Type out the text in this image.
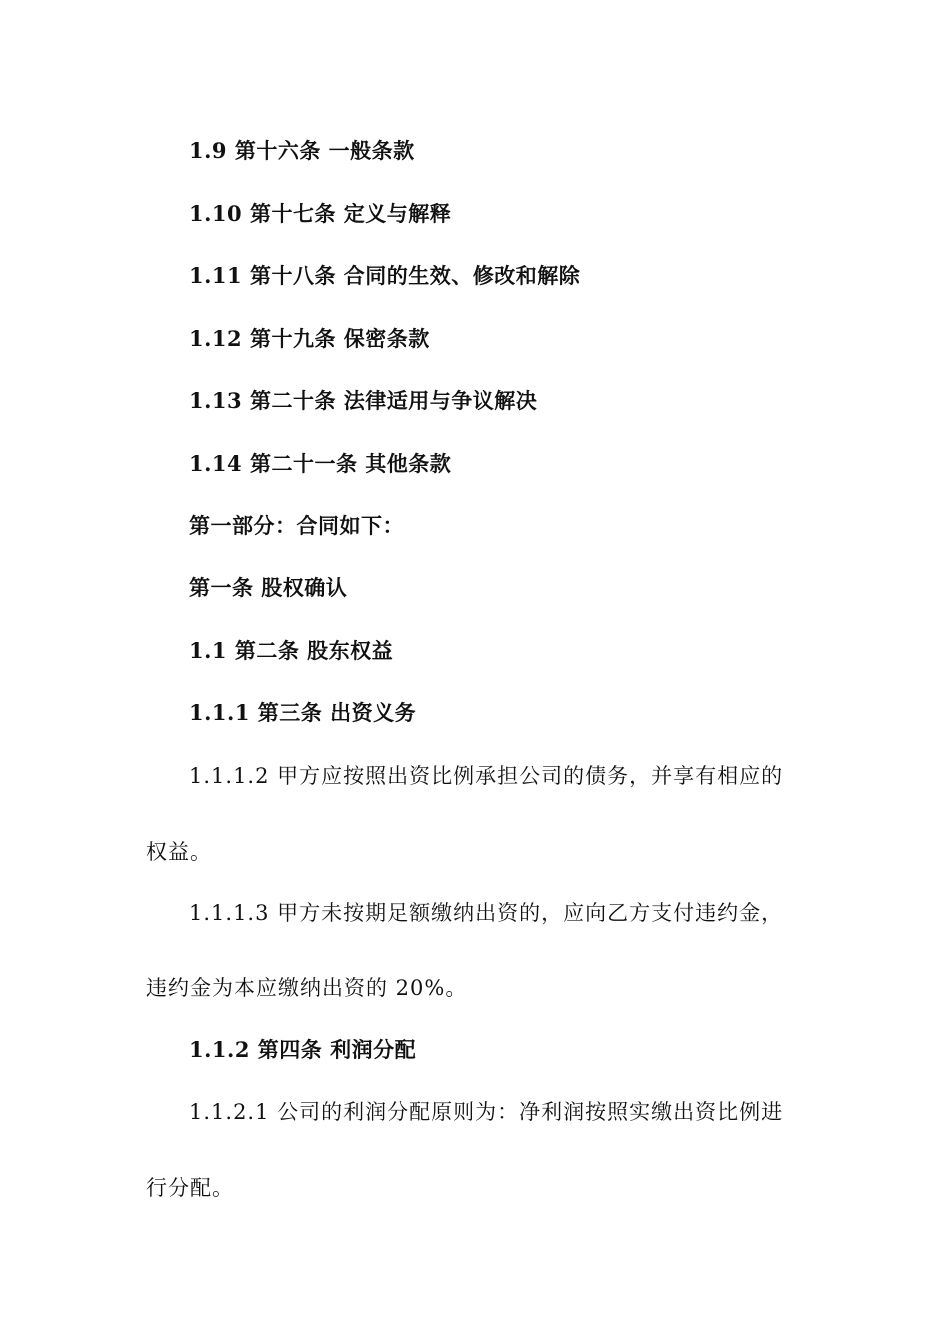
1.9 第十六条 一般条款
1.10 第十七条 定义与解释
1.11 第十八条 合同的生效、修改和解除
1.12 第十九条 保密条款
1.13 第二十条 法律适用与争议解决
1.14 第二十一条 其他条款
第一部分：合同如下：
第一条 股权确认
1.1 第二条 股东权益
1.1.1 第三条 出资义务
1.1.1.2 甲方应按照出资比例承担公司的债务，并享有相应的
权益。
1.1.1.3 甲方未按期足额缴纳出资的，应向乙方支付违约金，
违约金为本应缴纳出资的 20%。
1.1.2 第四条 利润分配
1.1.2.1 公司的利润分配原则为：净利润按照实缴出资比例进
行分配。
